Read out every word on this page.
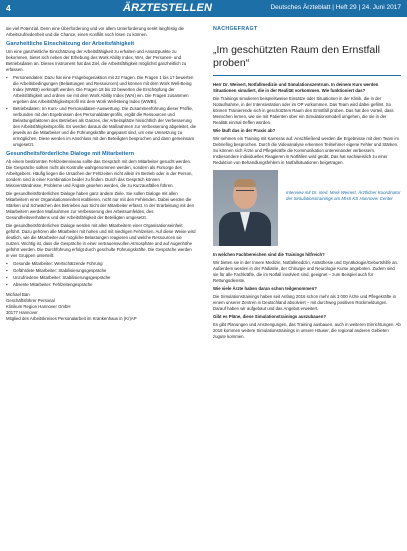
4	ÄRZTESTELLEN	Deutsches Ärzteblatt | Heft 29 | 24. Juni 2017

sie viel Potenzial. Denn eine Überforderung und vor allem Unterforderung senkt langfristig die Arbeitszufriedenheit und die Chance, einen Konflikt noch lösen zu können.

Ganzheitliche Einschätzung der Arbeitsfähigkeit

Um eine ganzheitliche Einschätzung der Arbeitsfähigkeit zu erhalten und Ansatzpunkte zu bekommen, bietet sich neben der Erhebung des Work Ability Index, WAI, der Personen- und Betriebsdaten an. Dieses Instrument hat das Ziel, die Arbeitsfähigkeit möglichst ganzheitlich zu erfassen.

▪ Personendaten: Dazu hat eine Fragebogenaktion mit 22 Fragen. Die Fragen 1 bis 17 bewerten die Arbeitsbedingungen (Belastungen und Ressourcen) und können mit dem Work Well-Being Index (WWBI) verknüpft werden. Die Fragen 18 bis 22 bewerten die Erschöpfung der Arbeitsfähigkeit und ordnen sie mit dem Work Ability Index (WAI) ein. Die Fragen zusammen ergeben das Arbeitsfähigkeitsprofil mit dem Work Well-Being Index (WWBI).
▪ Betriebsdaten: Im Kurs- und Personaldaten-Auswertung. Die Zusammenführung dieser Profile, verbunden mit den Ergebnissen des Personaldatenprofils, ergibt die Ressourcen und Belastungsfaktoren des Betriebes als Ganzes, der Arbeitsplätze hinsichtlich der Verbesserung des Arbeitsfähigkeitsprofils. Es werden daraus die Maßnahmen zur Verbesserung abgeleitet, die jeweils an die Mitarbeiter und die Führungskräfte angepasst sind, um eine Umsetzung zu ermöglichen. Diese werden im Anschluss mit den Beteiligten besprochen und dann gemeinsam umgesetzt.
Gesundheitsförderliche Dialoge mit Mitarbeitern

Ab einem bestimmten Fehlzeitenniveau sollte das Gespräch mit dem Mitarbeiter gesucht werden. Die Gespräche sollten nicht als Kontrolle wahrgenommen werden, sondern als Fürsorge des Arbeitgebers. Häufig liegen die Ursachen der Fehlzeiten nicht allein im Betrieb oder in der Person, sondern sind in einer Kombination beider zu finden. Durch das Gespräch können Missverständnisse, Probleme und Ängste gesehen werden, die zu Kurzausfällen führen.

Die gesundheitsförderlichen Dialoge haben ganz andere Ziele. Sie sollen Dialoge mit allen Mitarbeitern einer Organisationseinheit etablieren, nicht nur mit den Fehlenden. Dabei werden die Stärken und Schwächen des Betriebes aus Sicht der Mitarbeiter erfasst. In der Erarbeitung mit den Mitarbeitern werden Maßnahmen zur Verbesserung des Arbeitsumfeldes, des Gesundheitsverhaltens und der Arbeitsfähigkeit der Beteiligten umgesetzt.

Die gesundheitsförderlichen Dialoge werden mit allen Mitarbeitern einer Organisationseinheit geführt. Dazu gehören alle Mitarbeiter mit hohen und mit niedrigen Fehlzeiten. Auf diese Weise wird deutlich, wie die Mitarbeiter auf mögliche Belastungen reagieren und welche Ressourcen sie nutzen. Wichtig ist, dass die Gespräche in einer vertrauensvollen Atmosphäre und auf Augenhöhe geführt werden. Die Durchführung erfolgt durch geschulte Führungskräfte. Die Gespräche werden in vier Gruppen unterteilt:

▪ Gesunde Mitarbeiter: Wertschätzende Führung
▪ Gefährdete Mitarbeiter: Stabilisierungsgespräche
▪ Unzufriedene Mitarbeiter: Stabilisierungsgespräche
▪ Absente Mitarbeiter: Fehlzeitengespräche

Michael Ban
Geschäftsführer Personal
Klinikum Region Hannover GmbH
30177 Hannover
Mitglied des Arbeitskreises Personalarbeit im Krankenhaus in (Kr)AP

NACHGEFRAGT
„Im geschützten Raum den Ernstfall proben“

Herr Dr. Weinert, Notfallmedizin und Simulationszentrum. In deinem Kurs werden Situationen simuliert, die in der Realität vorkommen. Wie funktioniert das?

Die Trainings simulieren beispielsweise Einsätze oder Situationen in der Klinik, die in der Notaufnahme, in der Intensivstation oder im OP vorkommen. Das Team wird dabei gefilmt. So können Trainierende sich in geschütztem Raum den Ernstfall proben. Das hat den Vorteil, dass Menschen lernen, wie sie mit Patienten über ein Simulationsmodell umgehen, die sie in der Realität einmal treffen würden.

Wie läuft das in der Praxis ab?

Wir nehmen ein Training mit Kameras auf. Anschließend werden die Ergebnisse mit dem Team im Debriefing besprochen. Durch die Videoanalyse erkennen Teilnehmer eigene Fehler und Stärken. So können sich Ärzte und Pflegekräfte die Kommunikation untereinander verbessern. Insbesondere individuelles Reagieren in Notfällen wird geübt. Das hat nachweislich zu einer Reduktion von Behandlungsfehlern in Notfallsituationen beigetragen.

Interview mit Dr. med. Mark Weinert, Ärztlicher Koordinator der Simulationstrainings am MHS KS Hannover Center

In welchen Fachbereichen sind die Trainings hilfreich?

Wir bieten sie in der Innere Medizin, Notfallmedizin, Anästhesie und Gynäkologie/Geburtshilfe an. Außerdem werden in der Pädiatrie, der Chirurgie und Neurologie Kurse angeboten. Zudem sind sie für alle Fachkräfte, die im Notfall involviert sind, geeignet – zum Beispiel auch für Rettungsdienste.

Wie viele Ärzte haben daran schon teilgenommen?

Die Simulationstrainings haben seit Anfang 2016 schon mehr als 3 000 Ärzte und Pflegekräfte in einem unserer Zentren in Deutschland absolviert – mit durchweg positiven Rückmeldungen. Darauf haben wir aufgebaut und das Angebot erweitert.

Gibt es Pläne, diese Simulationstrainings auszubauen?

Es gibt Planungen und Anstrengungen, das Training ausbauen, auch in weiteren Einrichtungen. Ab 2018 kommen weitere Simulationstrainings in unsere Häuser, die regional anderen Gebieten zugute kommen.
